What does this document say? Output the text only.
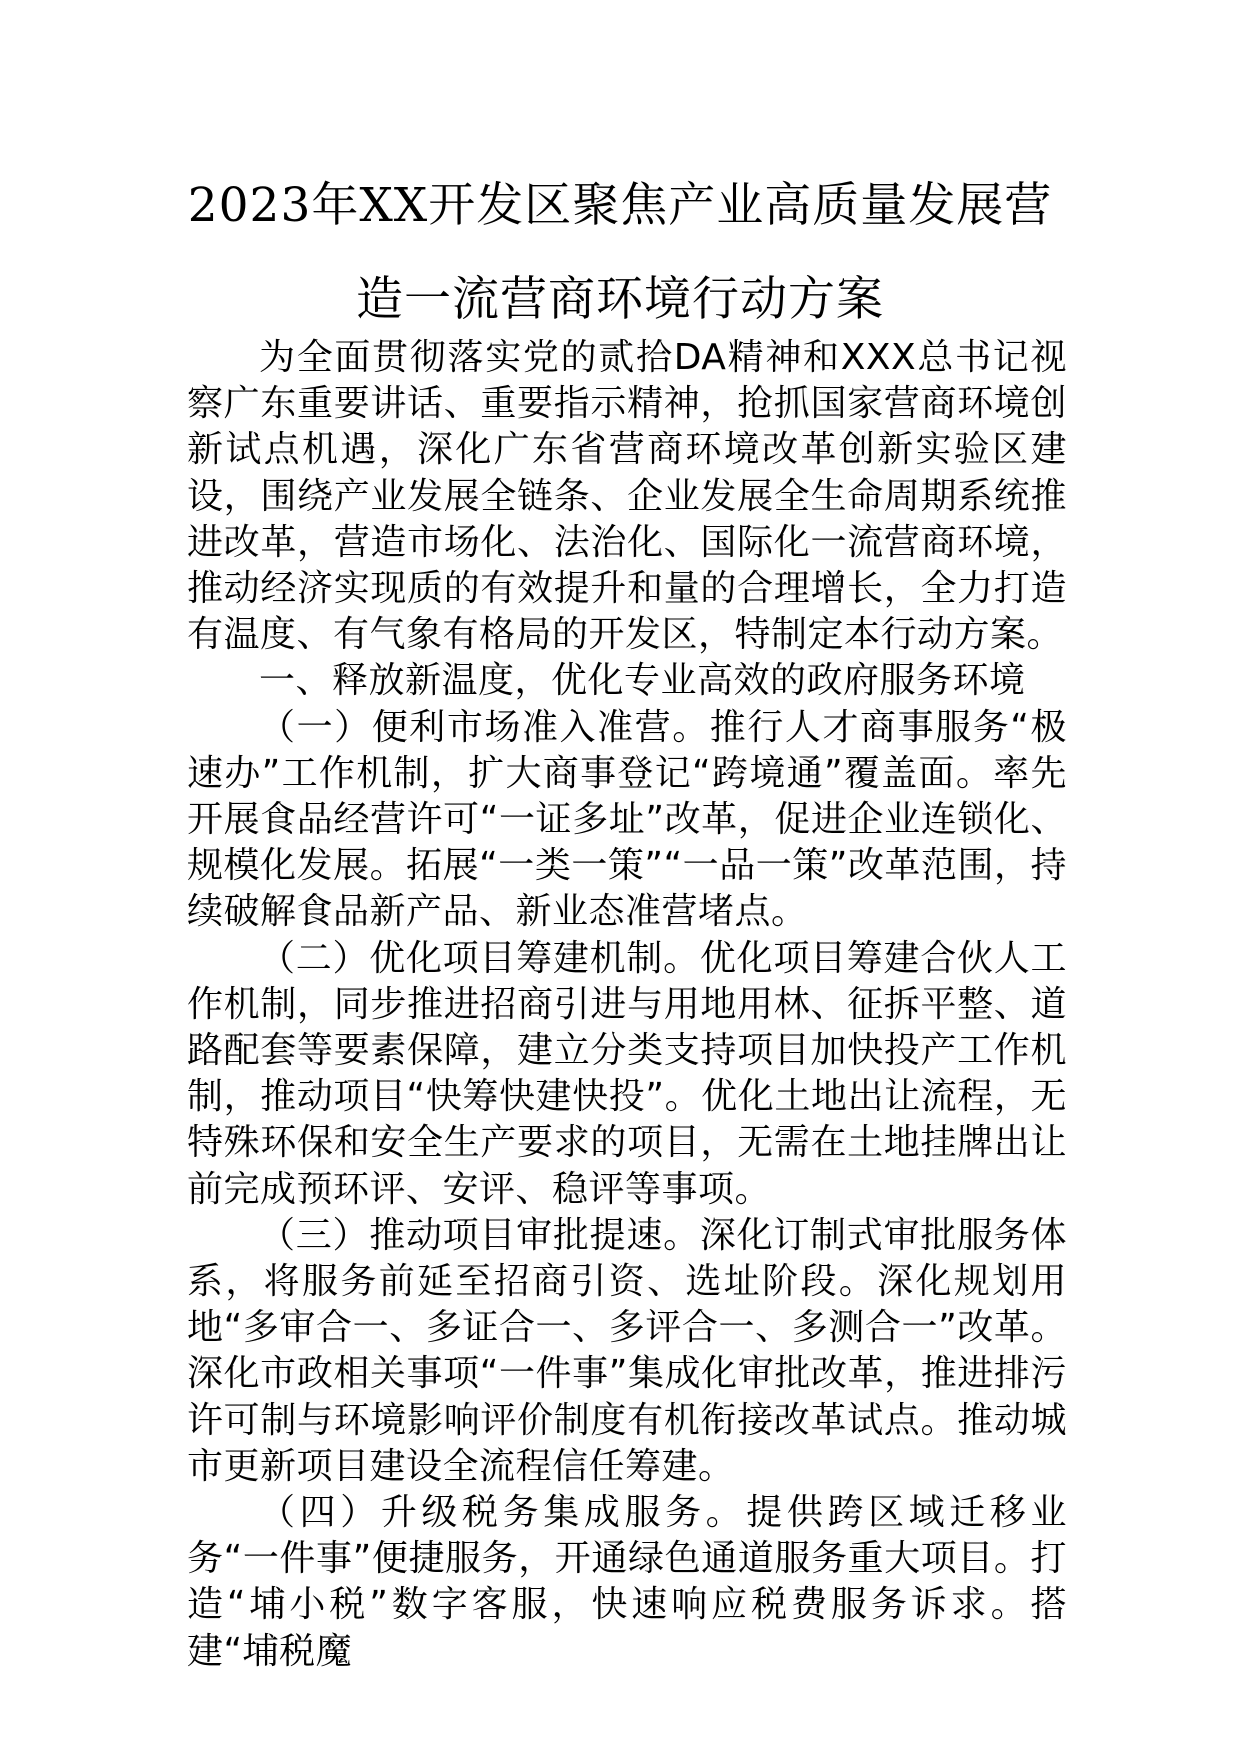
2023年XX开发区聚焦产业高质量发展营
造一流营商环境行动方案

为全面贯彻落实党的贰拾DA精神和XXX总书记视察广东重要讲话、重要指示精神，抢抓国家营商环境创新试点机遇，深化广东省营商环境改革创新实验区建设，围绕产业发展全链条、企业发展全生命周期系统推进改革，营造市场化、法治化、国际化一流营商环境，推动经济实现质的有效提升和量的合理增长，全力打造有温度、有气象有格局的开发区，特制定本行动方案。

一、释放新温度，优化专业高效的政府服务环境

（一）便利市场准入准营。推行人才商事服务“极速办”工作机制，扩大商事登记“跨境通”覆盖面。率先开展食品经营许可“一证多址”改革，促进企业连锁化、规模化发展。拓展“一类一策”“一品一策”改革范围，持续破解食品新产品、新业态准营堵点。

（二）优化项目筹建机制。优化项目筹建合伙人工作机制，同步推进招商引进与用地用林、征拆平整、道路配套等要素保障，建立分类支持项目加快投产工作机制，推动项目“快筹快建快投”。优化土地出让流程，无特殊环保和安全生产要求的项目，无需在土地挂牌出让前完成预环评、安评、稳评等事项。

（三）推动项目审批提速。深化订制式审批服务体系，将服务前延至招商引资、选址阶段。深化规划用地“多审合一、多证合一、多评合一、多测合一”改革。深化市政相关事项“一件事”集成化审批改革，推进排污许可制与环境影响评价制度有机衔接改革试点。推动城市更新项目建设全流程信任筹建。

（四）升级税务集成服务。提供跨区域迁移业务“一件事”便捷服务，开通绿色通道服务重大项目。打造“埔小税”数字客服，快速响应税费服务诉求。搭建“埔税魔
